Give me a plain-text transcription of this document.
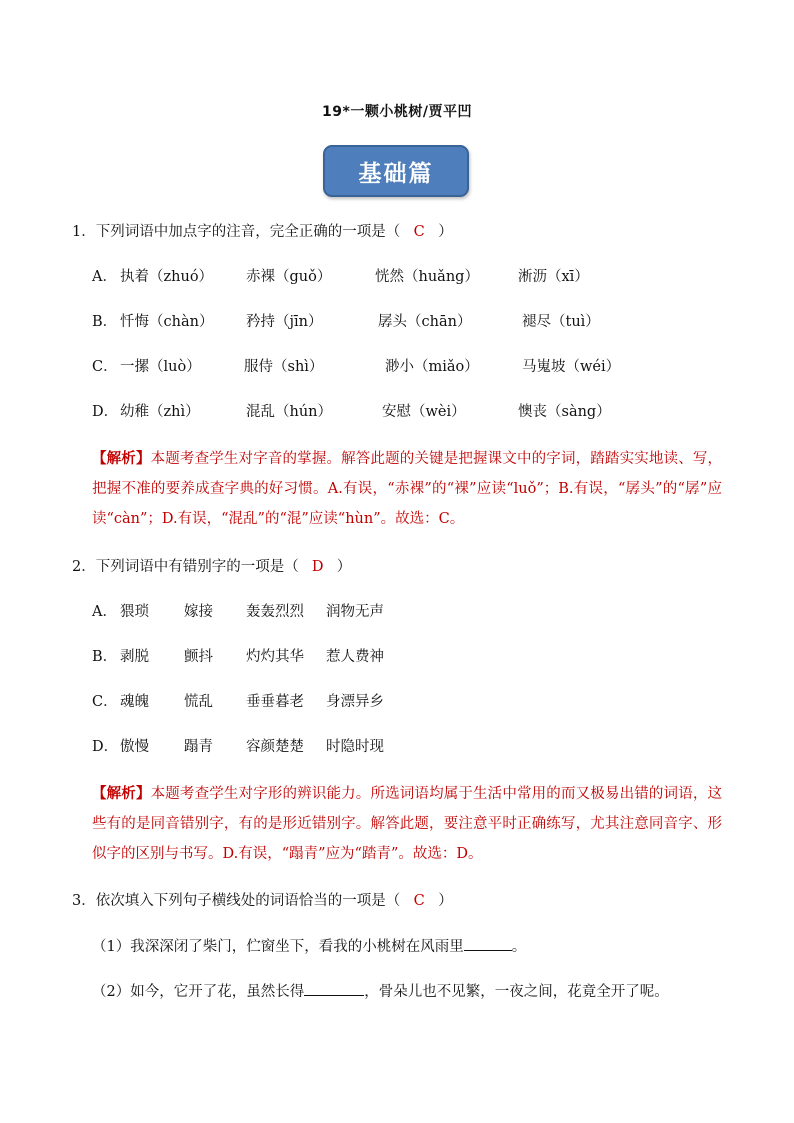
19*一颗小桃树/贾平凹
基础篇
1．下列词语中加点字的注音，完全正确的一项是（ C ）
A． 执着（zhuó） 赤裸（guǒ）	恍然（huǎng）	淅沥（xī）
B． 忏悔（chàn） 矜持（jīn）	孱头（chān）	褪尽（tuì）
C． 一摞（luò）	服侍（shì）	渺小（miǎo）	马嵬坡（wéi）
D． 幼稚（zhì）	混乱（hún）	安慰（wèi）	懊丧（sàng）
【解析】本题考查学生对字音的掌握。解答此题的关键是把握课文中的字词，踏踏实实地读、写，把握不准的要养成查字典的好习惯。A.有误，“赤裸”的“裸”应读“luǒ”；B.有误，“孱头”的“孱”应读“càn”；D.有误，“混乱”的“混”应读“hùn”。故选：C。
2．下列词语中有错别字的一项是（ D ）
A． 猥琐 嫁接 轰轰烈烈 润物无声
B． 剥脱 颤抖 灼灼其华 惹人费神
C． 魂魄 慌乱 垂垂暮老 身漂异乡
D． 傲慢 蹋青 容颜楚楚 时隐时现
【解析】本题考查学生对字形的辨识能力。所选词语均属于生活中常用的而又极易出错的词语，这些有的是同音错别字，有的是形近错别字。解答此题，要注意平时正确练写，尤其注意同音字、形似字的区别与书写。D.有误，“蹋青”应为“踏青”。故选：D。
3．依次填入下列句子横线处的词语恰当的一项是（ C ）
（1）我深深闭了柴门，伫窗坐下，看我的小桃树在风雨里	。
（2）如今，它开了花，虽然长得	，骨朵儿也不见繁，一夜之间，花竟全开了呢。
